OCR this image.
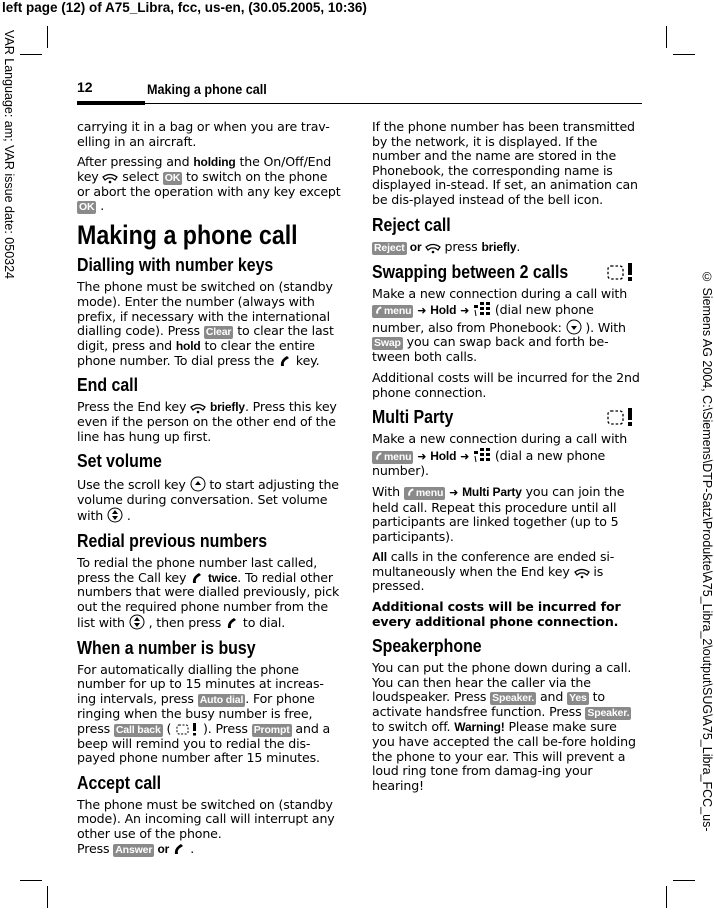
left page (12) of A75_Libra, fcc, us-en, (30.05.2005, 10:36)
VAR Language: am; VAR issue date: 050324
© Siemens AG 2004, C:\Siemens\DTP-Satz\Produkte\A75_Libra_2\output\SUG\A75_Libra_FCC_us-
12	Making a phone call

carrying it in a bag or when you are trav-elling in an aircraft.

After pressing and holding the On/Off/End key  select OK to switch on the phone or abort the operation with any key except OK .

Making a phone call
Dialling with number keys

The phone must be switched on (standby mode). Enter the number (always with prefix, if necessary with the international dialling code). Press Clear to clear the last digit, press and hold to clear the entire phone number. To dial press the  key.

End call

Press the End key  briefly. Press this key even if the person on the other end of the line has hung up first.

Set volume

Use the scroll key  to start adjusting the volume during conversation. Set volume with  .

Redial previous numbers

To redial the phone number last called, press the Call key  twice. To redial other numbers that were dialled previously, pick out the required phone number from the list with  , then press  to dial.

When a number is busy

For automatically dialling the phone number for up to 15 minutes at increas-ing intervals, press Auto dial . For phone ringing when the busy number is free, press Call back (  ). Press Prompt and a beep will remind you to redial the dis-payed phone number after 15 minutes.

Accept call

The phone must be switched on (standby mode). An incoming call will interrupt any other use of the phone.
Press Answer or  .

If the phone number has been transmitted by the network, it is displayed. If the number and the name are stored in the Phonebook, the corresponding name is displayed in-stead. If set, an animation can be dis-played instead of the bell icon.

Reject call

Reject or  press briefly.

Swapping between 2 calls

Make a new connection during a call with menu ➜ Hold ➜  (dial new phone number, also from Phonebook:  ). With Swap you can swap back and forth be-tween both calls.

Additional costs will be incurred for the 2nd phone connection.

Multi Party

Make a new connection during a call with menu ➜ Hold ➜  (dial a new phone number).

With menu ➜ Multi Party you can join the held call. Repeat this procedure until all participants are linked together (up to 5 participants).

All calls in the conference are ended si-multaneously when the End key  is pressed.

Additional costs will be incurred for every additional phone connection.

Speakerphone

You can put the phone down during a call. You can then hear the caller via the loudspeaker. Press Speaker. and Yes to activate handsfree function. Press Speaker. to switch off. Warning! Please make sure you have accepted the call be-fore holding the phone to your ear. This will prevent a loud ring tone from damag-ing your hearing!
